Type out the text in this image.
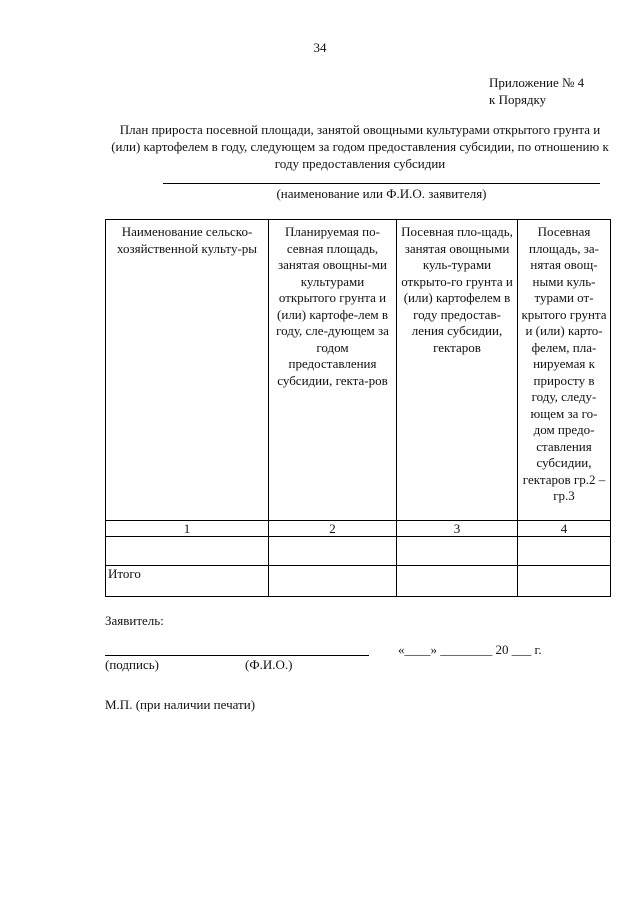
34
Приложение № 4
к Порядку
План прироста посевной площади, занятой овощными культурами открытого грунта и (или) картофелем в году, следующем за годом предоставления субсидии, по отношению к году предоставления субсидии
(наименование или Ф.И.О. заявителя)
Наименование сельско-хозяйственной культу-ры	Планируемая по-севная площадь, занятая овощны-ми культурами открытого грунта и (или) картофе-лем в году, сле-дующем за годом предоставления субсидии, гекта-ров	Посевная пло-щадь, занятая овощными куль-турами открыто-го грунта и (или) картофелем в году предостав-ления субсидии, гектаров	Посевная площадь, за-нятая овощ-ными куль-турами от-крытого грунта и (или) карто-фелем, пла-нируемая к приросту в году, следу-ющем за го-дом предо-ставления субсидии, гектаров гр.2 – гр.3

1	2	3	4

Итого			
Заявитель:
(подпись)	(Ф.И.О.)
«____» ________ 20 ___ г.
М.П. (при наличии печати)
